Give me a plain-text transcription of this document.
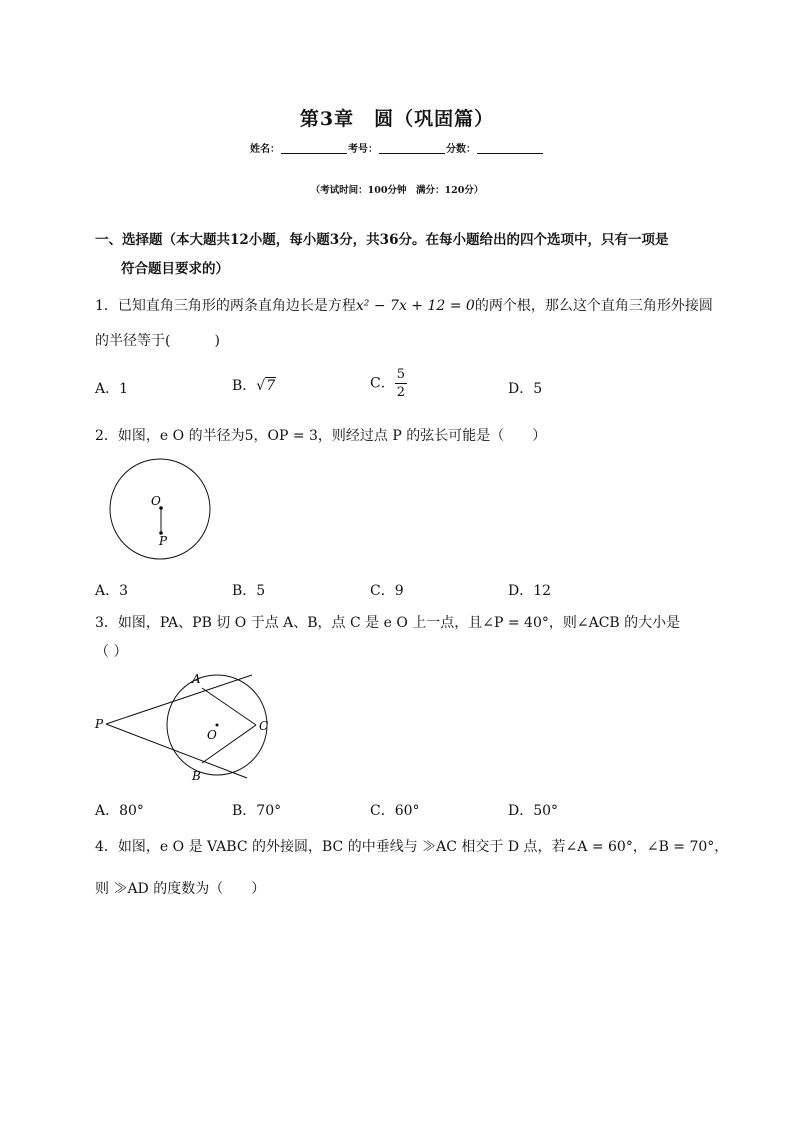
第3章　圆（巩固篇）
姓名：	考号：	分数：
（考试时间：100分钟　满分：120分）
一、选择题（本大题共12小题，每小题3分，共36分。在每小题给出的四个选项中，只有一项是
符合题目要求的）
1．已知直角三角形的两条直角边长是方程x² − 7x + 12 = 0的两个根，那么这个直角三角形外接圆
的半径等于(	)
A．1	B．√7	C． $\frac{5}{2}$	D．5
2．如图，e O 的半径为5，OP = 3，则经过点 P 的弦长可能是（　　）
O
P
A．3	B．5	C．9	D．12
3．如图，PA、PB 切 O 于点 A、B，点 C 是 e O 上一点，且∠P = 40°，则∠ACB 的大小是
（ ）
A
B
C
P
O
A．80°	B．70°	C．60°	D．50°
4．如图，e O 是 VABC 的外接圆，BC 的中垂线与 ≫AC 相交于 D 点，若∠A = 60°，∠B = 70°，
则 ≫AD 的度数为（　　）
